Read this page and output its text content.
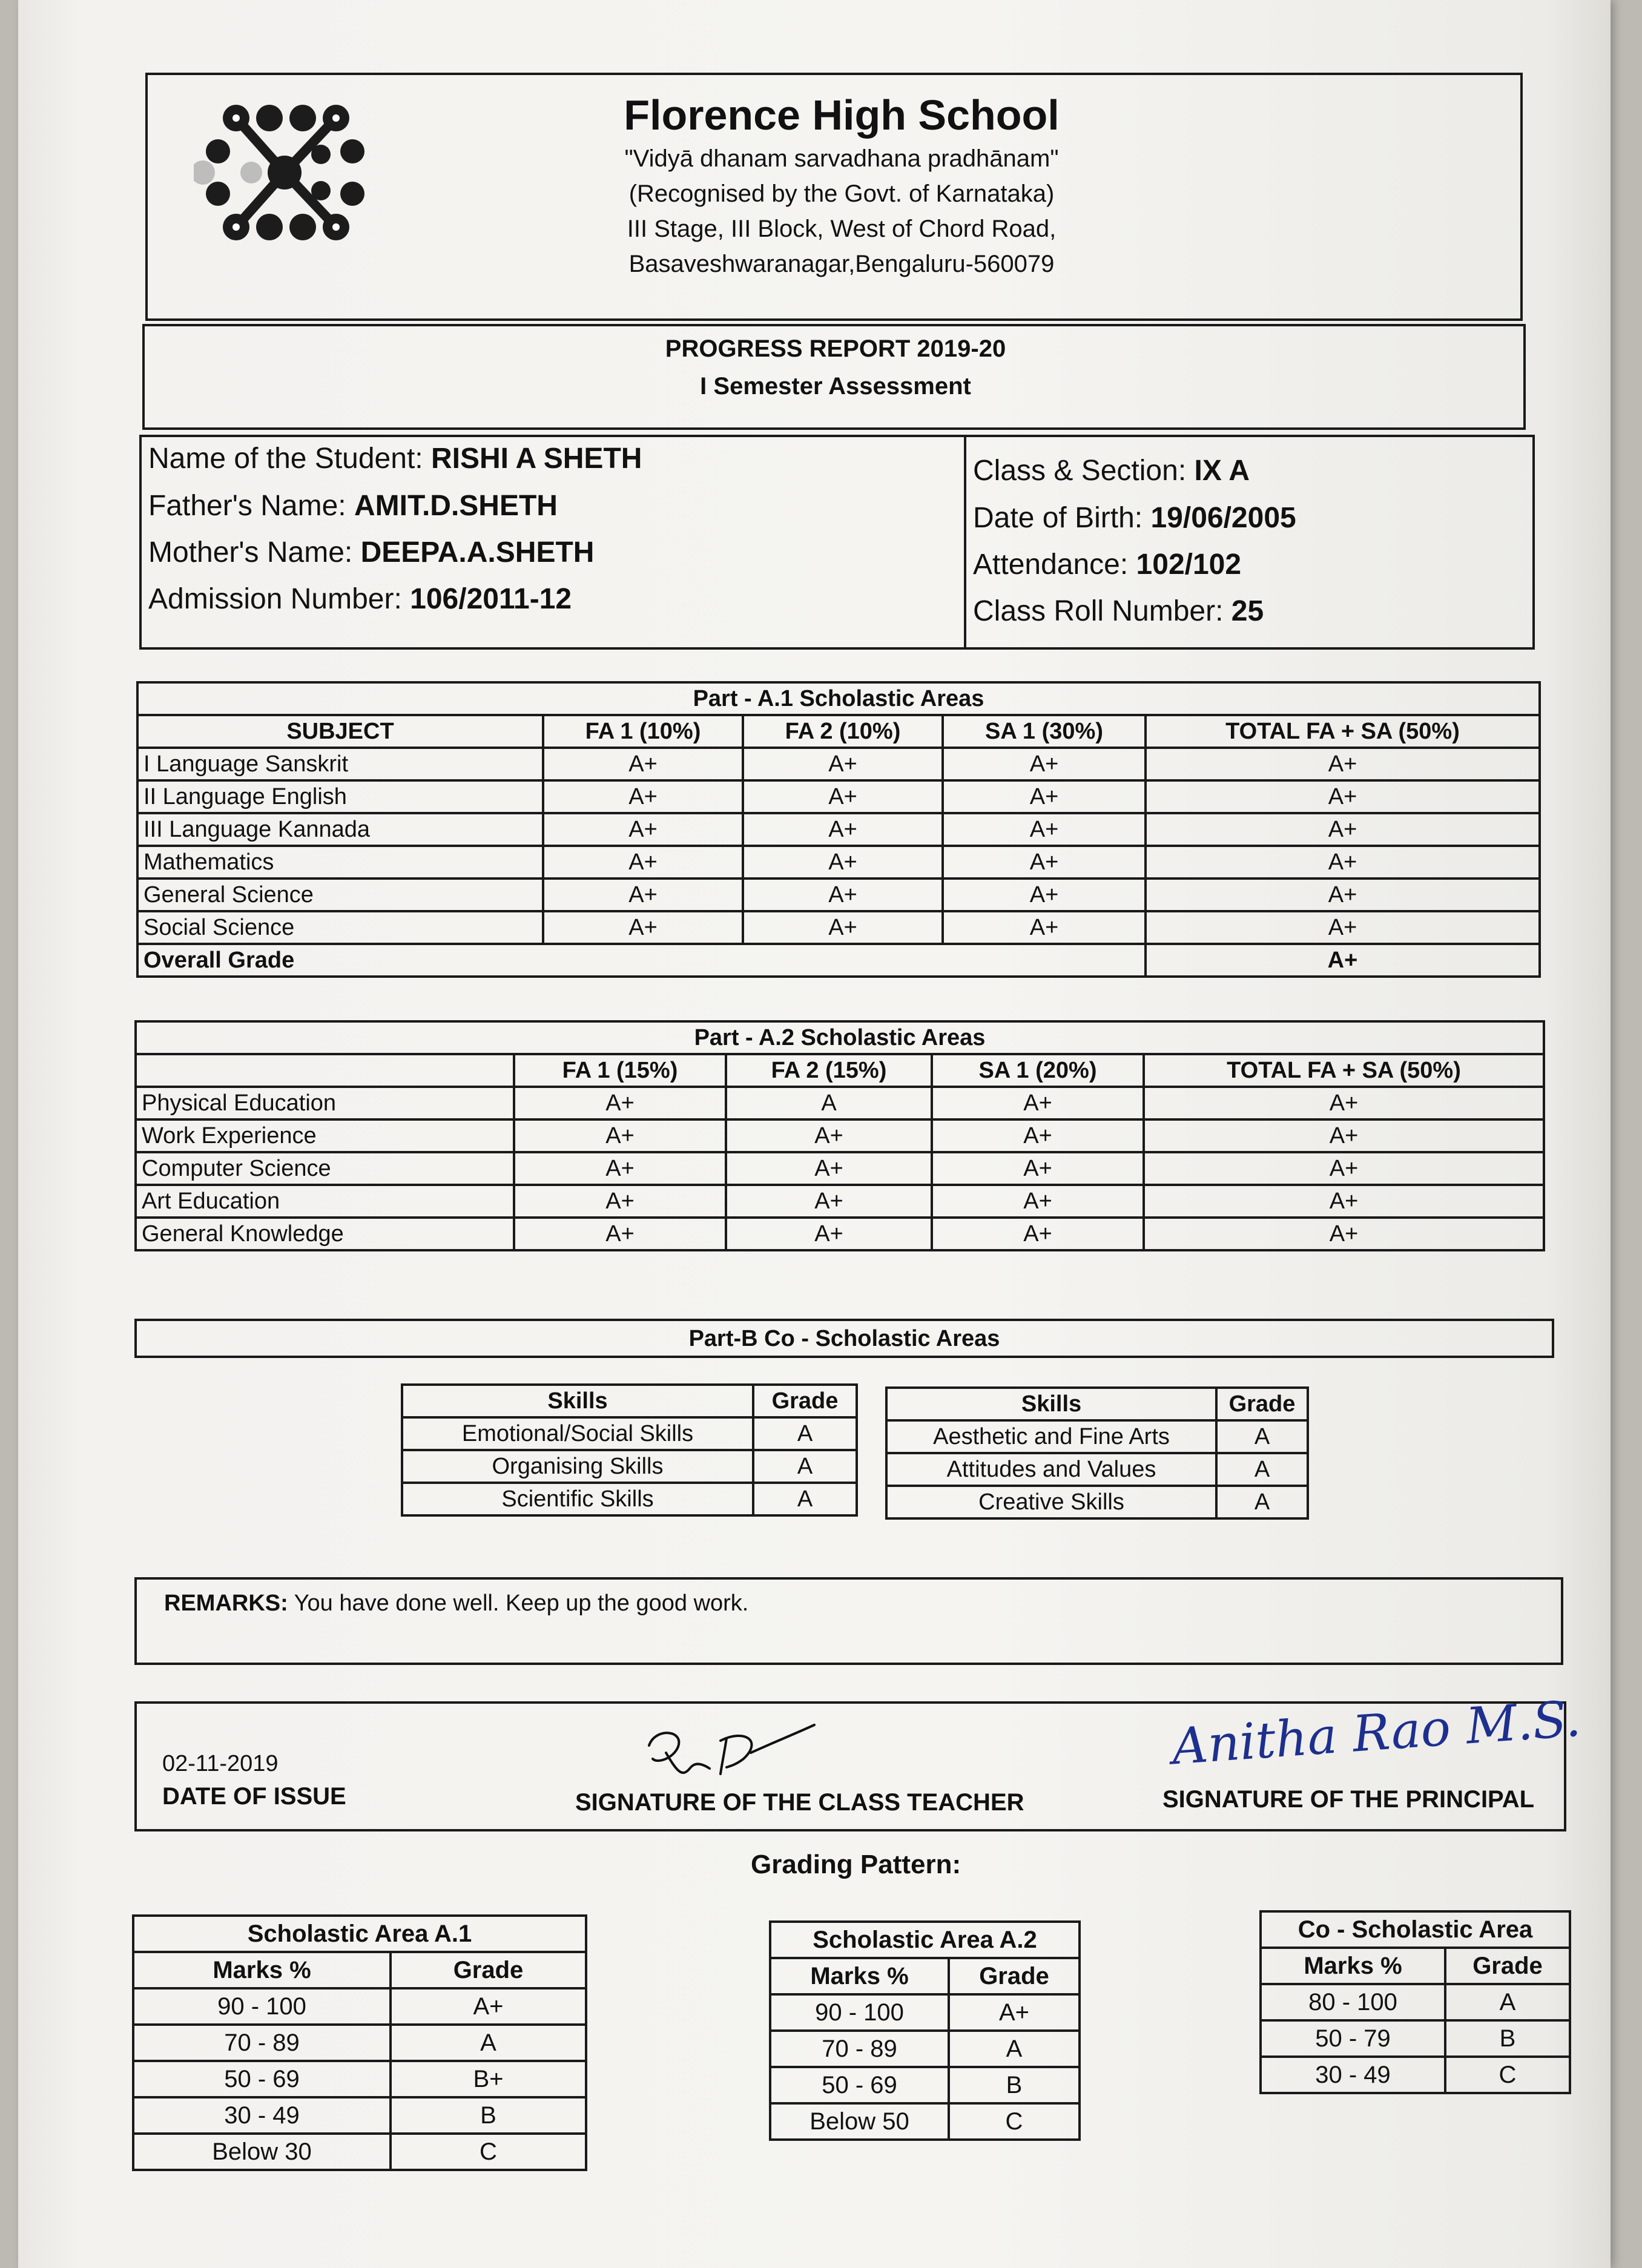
Florence High School
"Vidyā dhanam sarvadhana pradhānam"
(Recognised by the Govt. of Karnataka)
III Stage, III Block, West of Chord Road,
Basaveshwaranagar,Bengaluru-560079
PROGRESS REPORT 2019-20
I Semester Assessment
Name of the Student: RISHI A SHETH
Father's Name: AMIT.D.SHETH
Mother's Name: DEEPA.A.SHETH
Admission Number: 106/2011-12
Class & Section: IX A
Date of Birth: 19/06/2005
Attendance: 102/102
Class Roll Number: 25
Part - A.1 Scholastic Areas				
SUBJECT	FA 1 (10%)	FA 2 (10%)	SA 1 (30%)	TOTAL FA + SA (50%)
I Language Sanskrit	A+	A+	A+	A+
II Language English	A+	A+	A+	A+
III Language Kannada	A+	A+	A+	A+
Mathematics	A+	A+	A+	A+
General Science	A+	A+	A+	A+
Social Science	A+	A+	A+	A+
Overall Grade				A+
Part - A.2 Scholastic Areas				
	FA 1 (15%)	FA 2 (15%)	SA 1 (20%)	TOTAL FA + SA (50%)
Physical Education	A+	A	A+	A+
Work Experience	A+	A+	A+	A+
Computer Science	A+	A+	A+	A+
Art Education	A+	A+	A+	A+
General Knowledge	A+	A+	A+	A+
Part-B Co - Scholastic Areas
Skills	Grade
Emotional/Social Skills	A
Organising Skills	A
Scientific Skills	A
Skills	Grade
Aesthetic and Fine Arts	A
Attitudes and Values	A
Creative Skills	A
REMARKS: You have done well. Keep up the good work.
02-11-2019
DATE OF ISSUE	SIGNATURE OF THE CLASS TEACHER
Anitha Rao M.S.
SIGNATURE OF THE PRINCIPAL
Grading Pattern:
Scholastic Area A.1	
Marks %	Grade
90 - 100	A+
70 - 89	A
50 - 69	B+
30 - 49	B
Below 30	C
Scholastic Area A.2	
Marks %	Grade
90 - 100	A+
70 - 89	A
50 - 69	B
Below 50	C
Co - Scholastic Area	
Marks %	Grade
80 - 100	A
50 - 79	B
30 - 49	C
